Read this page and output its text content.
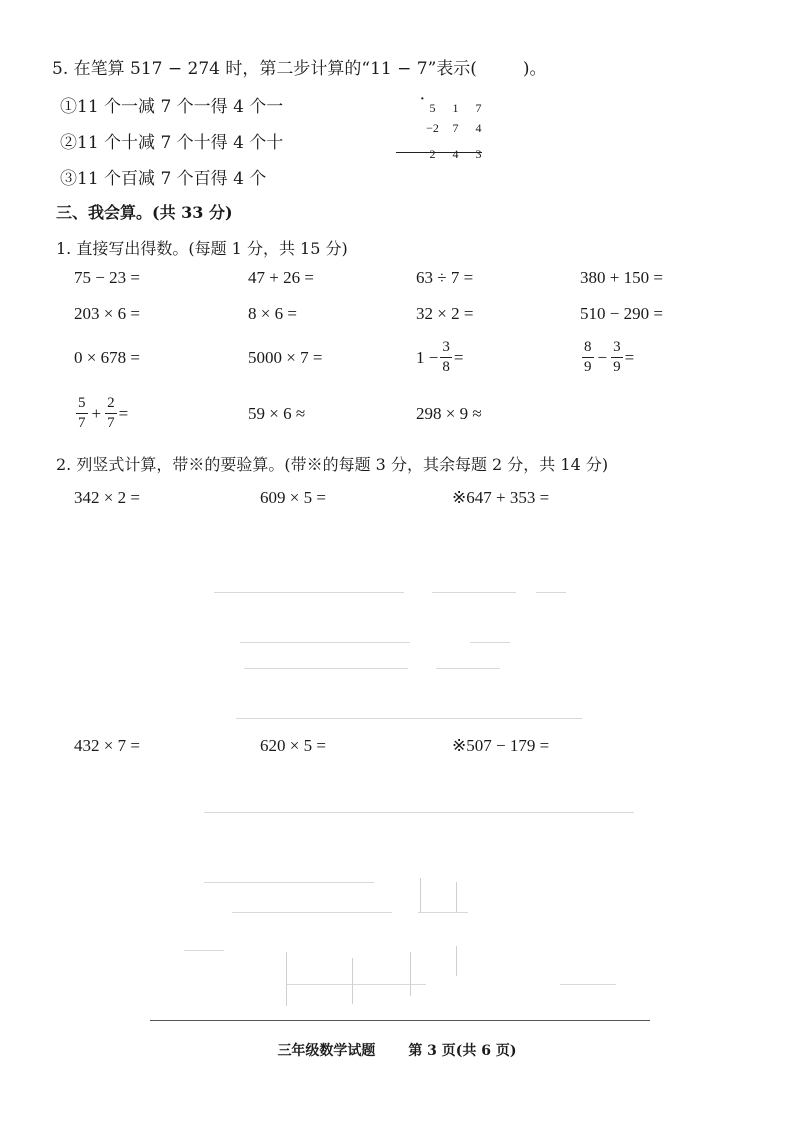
5. 在笔算 517 − 274 时，第二步计算的“11 − 7”表示(	)。
①11 个一减 7 个一得 4 个一
②11 个十减 7 个十得 4 个十
③11 个百减 7 个百得 4 个
·
5	1	7
−2	7	4
2	4	3
三、我会算。(共 33 分)
1. 直接写出得数。(每题 1 分，共 15 分)
75 − 23 =	47 + 26 =	63 ÷ 7 =	380 + 150 =
203 × 6 =	8 × 6 =	32 × 2 =	510 − 290 =
0 × 678 =	5000 × 7 =	$1 - \frac{3}{8}$ =	$\frac{8}{9} - \frac{3}{9}$ =
$\frac{5}{7} + \frac{2}{7}$ =	59 × 6 ≈	298 × 9 ≈
2. 列竖式计算，带※的要验算。(带※的每题 3 分，其余每题 2 分，共 14 分)
342 × 2 =	609 × 5 =	※647 + 353 =
432 × 7 =	620 × 5 =	※507 − 179 =
三年级数学试题 第 3 页(共 6 页)
